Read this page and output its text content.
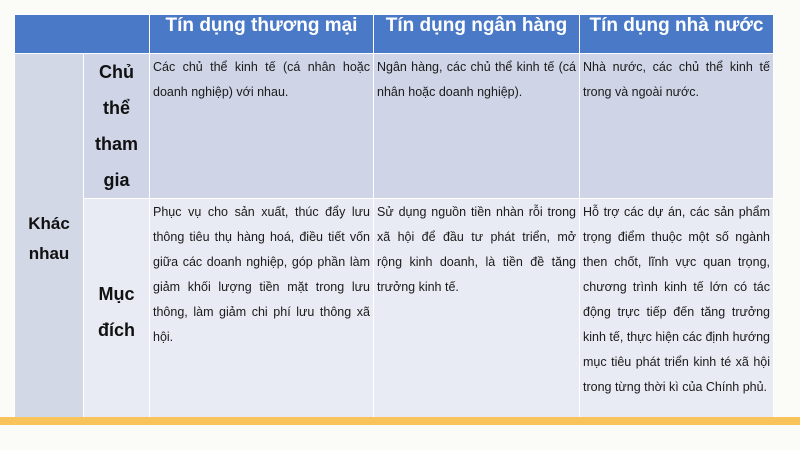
		Tín dụng thương mại	Tín dụng ngân hàng	Tín dụng nhà nước
Khác nhau	Chủ thể tham gia	Các chủ thể kinh tế (cá nhân hoặc doanh nghiệp) với nhau.	Ngân hàng, các chủ thể kinh tế (cá nhân hoặc doanh nghiệp).	Nhà nước, các chủ thể kinh tế trong và ngoài nước.

	Mục đích	Phục vụ cho sản xuất, thúc đẩy lưu thông tiêu thụ hàng hoá, điều tiết vốn giữa các doanh nghiệp, góp phần làm giảm khối lượng tiền mặt trong lưu thông, làm giảm chi phí lưu thông xã hội.	Sử dụng nguồn tiền nhàn rỗi trong xã hội để đầu tư phát triển, mở rộng kinh doanh, là tiền đề tăng trưởng kinh tế.	Hỗ trợ các dự án, các sản phẩm trọng điểm thuộc một số ngành then chốt, lĩnh vực quan trọng, chương trình kinh tế lớn có tác động trực tiếp đến tăng trưởng kinh tế, thực hiện các định hướng mục tiêu phát triển kinh té xã hội trong từng thời kì của Chính phủ.
